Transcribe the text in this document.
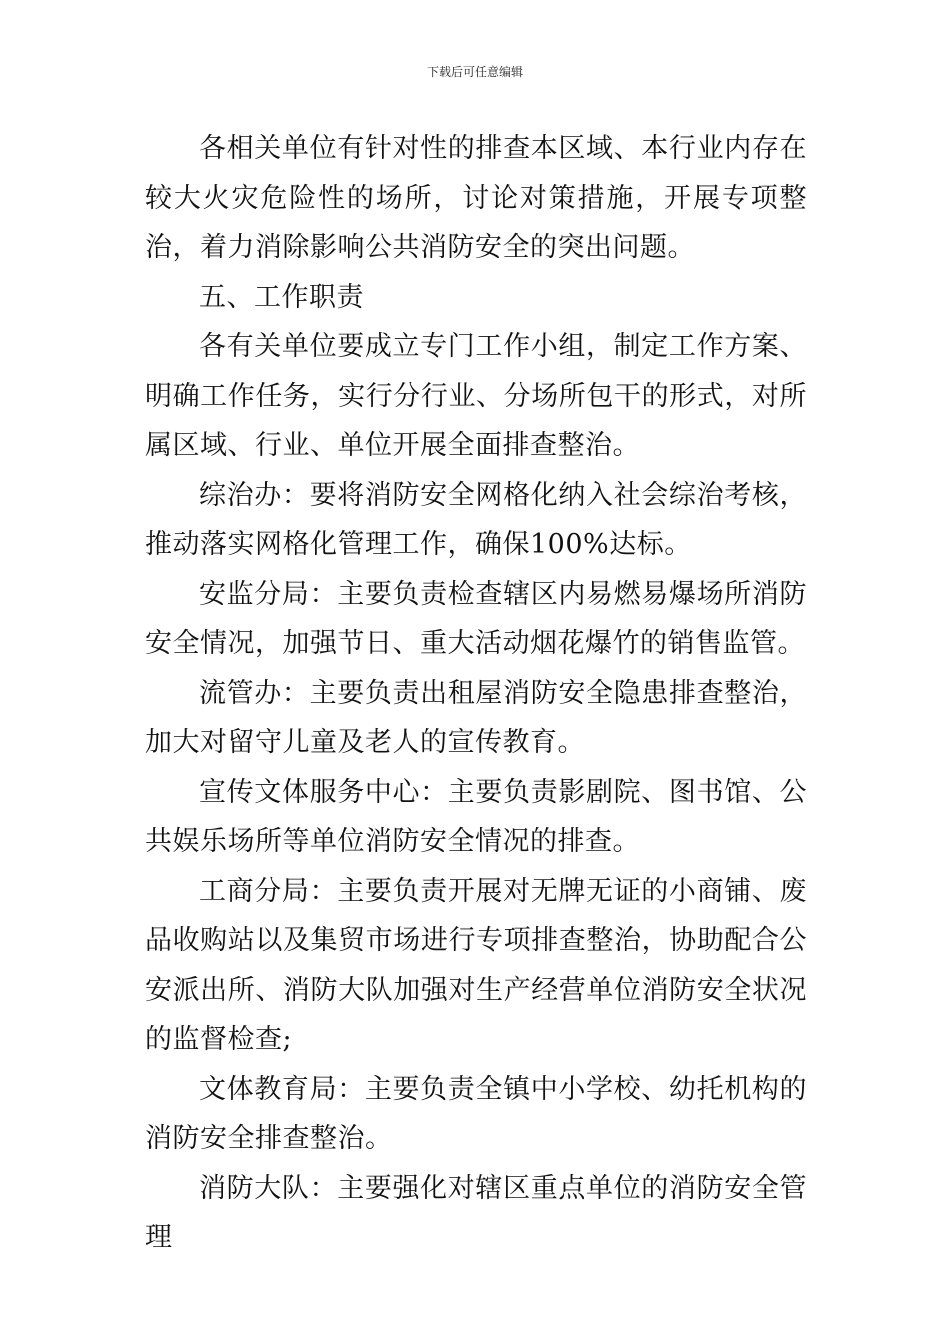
下载后可任意编辑

各相关单位有针对性的排查本区域、本行业内存在较大火灾危险性的场所，讨论对策措施，开展专项整治，着力消除影响公共消防安全的突出问题。

五、工作职责

各有关单位要成立专门工作小组，制定工作方案、明确工作任务，实行分行业、分场所包干的形式，对所属区域、行业、单位开展全面排查整治。

综治办：要将消防安全网格化纳入社会综治考核，推动落实网格化管理工作，确保100%达标。

安监分局：主要负责检查辖区内易燃易爆场所消防安全情况，加强节日、重大活动烟花爆竹的销售监管。

流管办：主要负责出租屋消防安全隐患排查整治，加大对留守儿童及老人的宣传教育。

宣传文体服务中心：主要负责影剧院、图书馆、公共娱乐场所等单位消防安全情况的排查。

工商分局：主要负责开展对无牌无证的小商铺、废品收购站以及集贸市场进行专项排查整治，协助配合公安派出所、消防大队加强对生产经营单位消防安全状况的监督检查;

文体教育局：主要负责全镇中小学校、幼托机构的消防安全排查整治。

消防大队：主要强化对辖区重点单位的消防安全管理
